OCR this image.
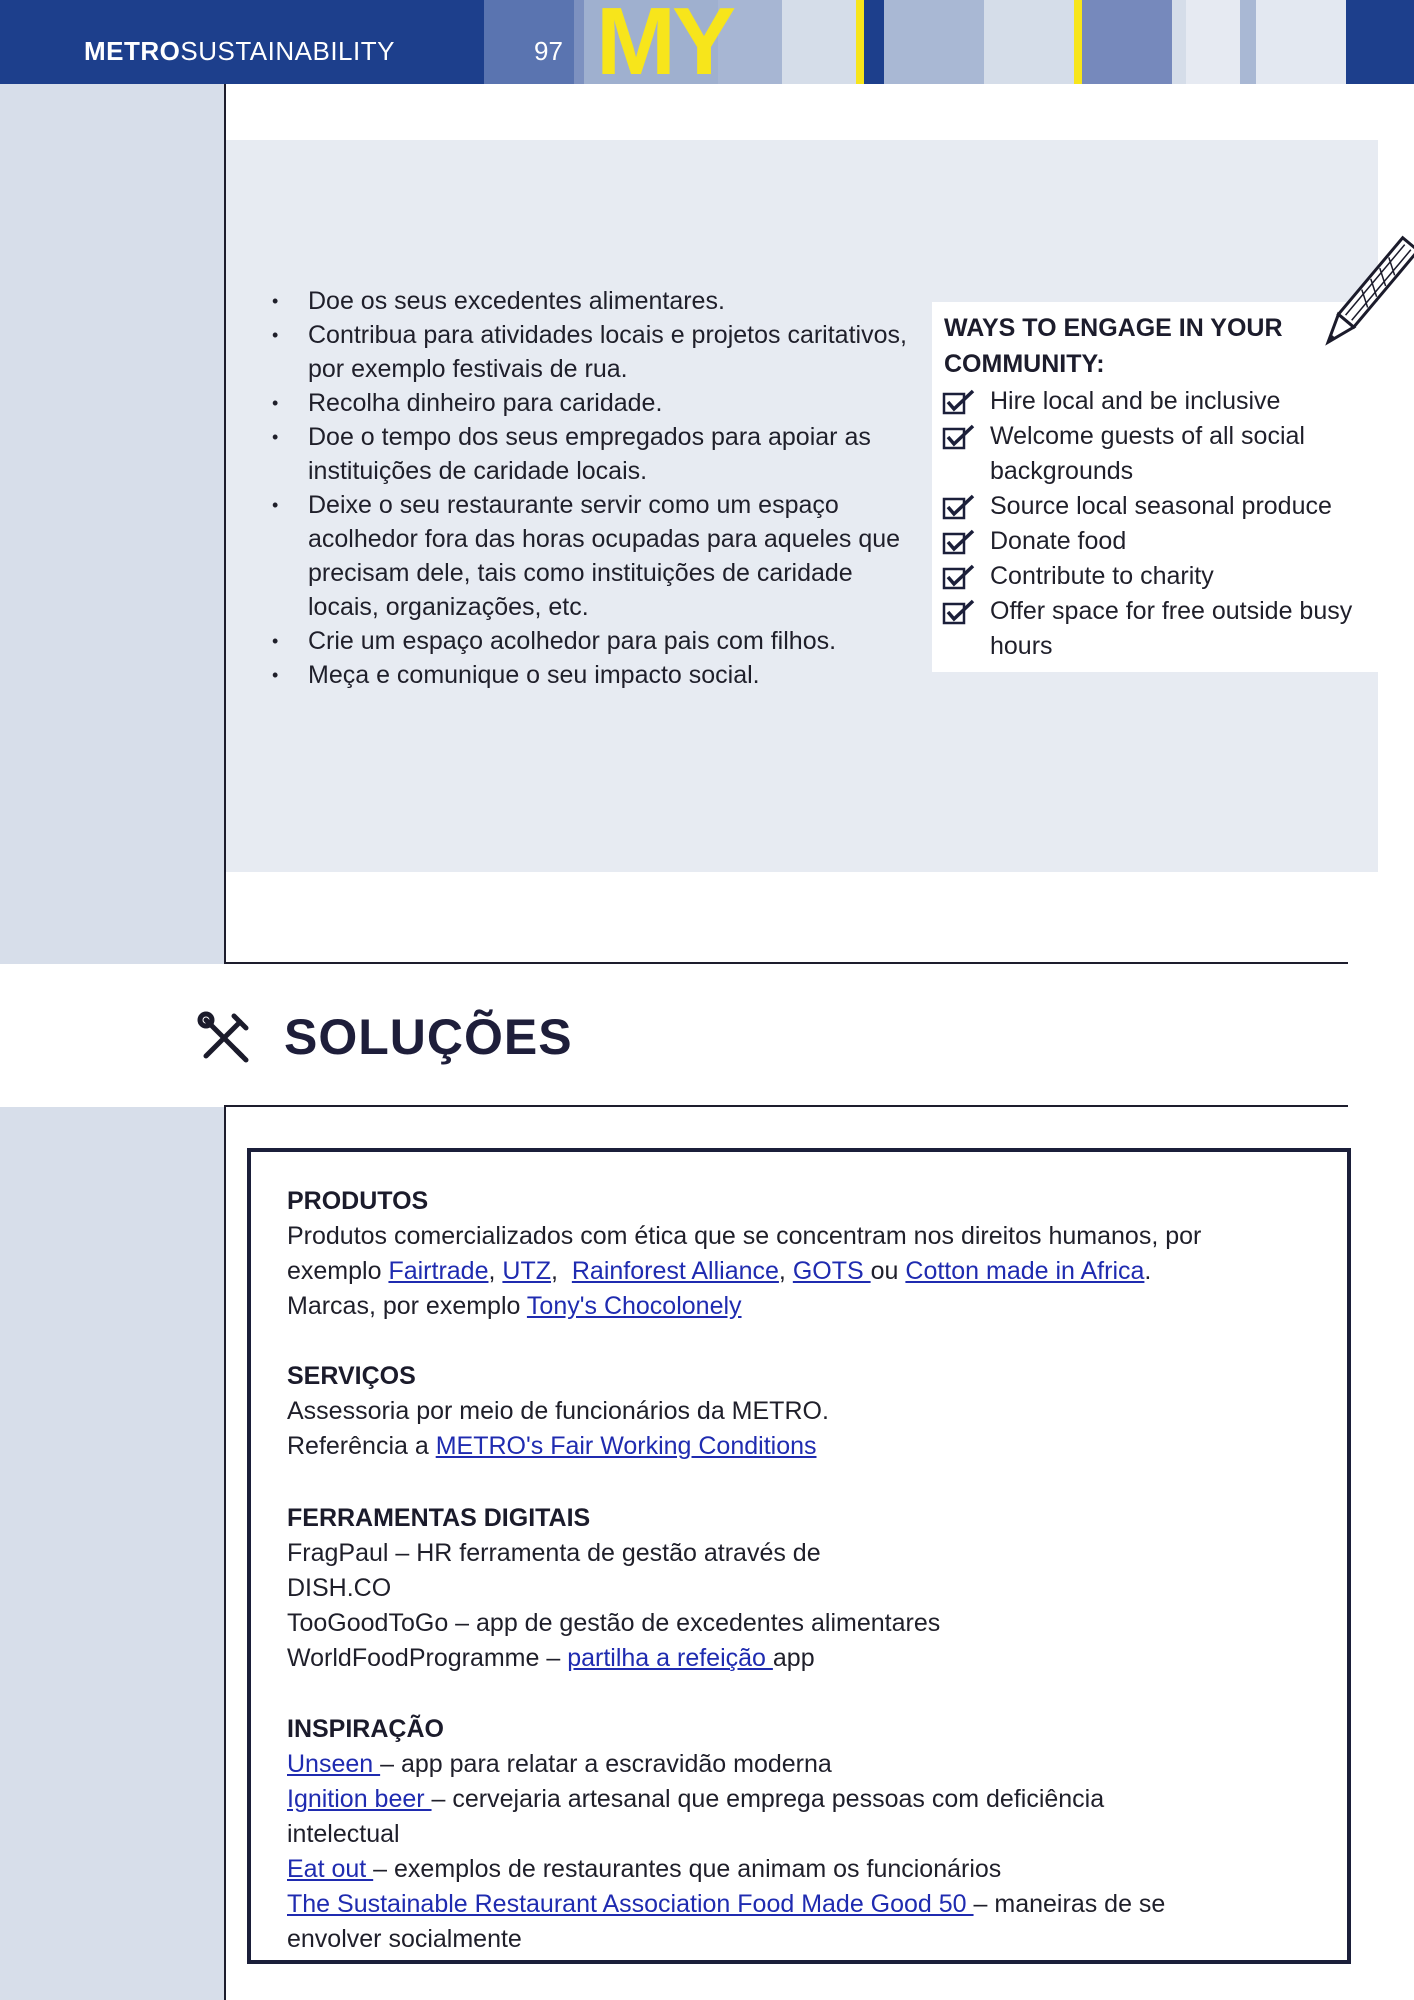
MY
METROSUSTAINABILITY	97
• Doe os seus excedentes alimentares.
• Contribua para atividades locais e projetos caritativos, por exemplo festivais de rua.
• Recolha dinheiro para caridade.
• Doe o tempo dos seus empregados para apoiar as instituições de caridade locais.
• Deixe o seu restaurante servir como um espaço acolhedor fora das horas ocupadas para aqueles que precisam dele, tais como instituições de caridade locais, organizações, etc.
• Crie um espaço acolhedor para pais com filhos.
• Meça e comunique o seu impacto social.
WAYS TO ENGAGE IN YOUR COMMUNITY:
Hire local and be inclusive
Welcome guests of all social backgrounds
Source local seasonal produce
Donate food
Contribute to charity
Offer space for free outside busy hours
SOLUÇÕES
PRODUTOS

Produtos comercializados com ética que se concentram nos direitos humanos, por

exemplo Fairtrade, UTZ,  Rainforest Alliance, GOTS ou Cotton made in Africa.

Marcas, por exemplo Tony's Chocolonely

SERVIÇOS

Assessoria por meio de funcionários da METRO.

Referência a METRO's Fair Working Conditions

FERRAMENTAS DIGITAIS

FragPaul – HR ferramenta de gestão através de

DISH.CO

TooGoodToGo – app de gestão de excedentes alimentares

WorldFoodProgramme – partilha a refeição app

INSPIRAÇÃO

Unseen – app para relatar a escravidão moderna

Ignition beer – cervejaria artesanal que emprega pessoas com deficiência

intelectual

Eat out – exemplos de restaurantes que animam os funcionários

The Sustainable Restaurant Association Food Made Good 50 – maneiras de se

envolver socialmente
